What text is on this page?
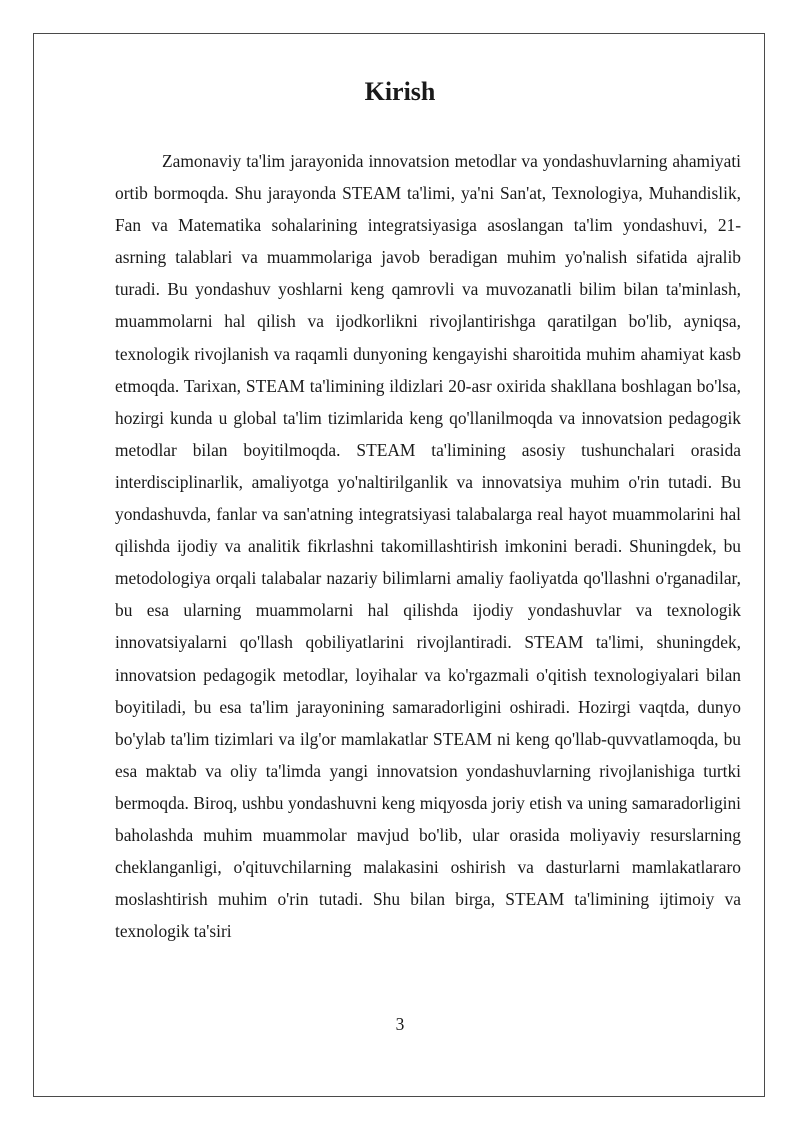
Kirish

Zamonaviy ta'lim jarayonida innovatsion metodlar va yondashuvlarning ahamiyati ortib bormoqda. Shu jarayonda STEAM ta'limi, ya'ni San'at, Texnologiya, Muhandislik, Fan va Matematika sohalarining integratsiyasiga asoslangan ta'lim yondashuvi, 21-asrning talablari va muammolariga javob beradigan muhim yo'nalish sifatida ajralib turadi. Bu yondashuv yoshlarni keng qamrovli va muvozanatli bilim bilan ta'minlash, muammolarni hal qilish va ijodkorlikni rivojlantirishga qaratilgan bo'lib, ayniqsa, texnologik rivojlanish va raqamli dunyoning kengayishi sharoitida muhim ahamiyat kasb etmoqda. Tarixan, STEAM ta'limining ildizlari 20-asr oxirida shakllana boshlagan bo'lsa, hozirgi kunda u global ta'lim tizimlarida keng qo'llanilmoqda va innovatsion pedagogik metodlar bilan boyitilmoqda. STEAM ta'limining asosiy tushunchalari orasida interdisciplinarlik, amaliyotga yo'naltirilganlik va innovatsiya muhim o'rin tutadi. Bu yondashuvda, fanlar va san'atning integratsiyasi talabalarga real hayot muammolarini hal qilishda ijodiy va analitik fikrlashni takomillashtirish imkonini beradi. Shuningdek, bu metodologiya orqali talabalar nazariy bilimlarni amaliy faoliyatda qo'llashni o'rganadilar, bu esa ularning muammolarni hal qilishda ijodiy yondashuvlar va texnologik innovatsiyalarni qo'llash qobiliyatlarini rivojlantiradi. STEAM ta'limi, shuningdek, innovatsion pedagogik metodlar, loyihalar va ko'rgazmali o'qitish texnologiyalari bilan boyitiladi, bu esa ta'lim jarayonining samaradorligini oshiradi. Hozirgi vaqtda, dunyo bo'ylab ta'lim tizimlari va ilg'or mamlakatlar STEAM ni keng qo'llab-quvvatlamoqda, bu esa maktab va oliy ta'limda yangi innovatsion yondashuvlarning rivojlanishiga turtki bermoqda. Biroq, ushbu yondashuvni keng miqyosda joriy etish va uning samaradorligini baholashda muhim muammolar mavjud bo'lib, ular orasida moliyaviy resurslarning cheklanganligi, o'qituvchilarning malakasini oshirish va dasturlarni mamlakatlararo moslashtirish muhim o'rin tutadi. Shu bilan birga, STEAM ta'limining ijtimoiy va texnologik ta'siri

3
